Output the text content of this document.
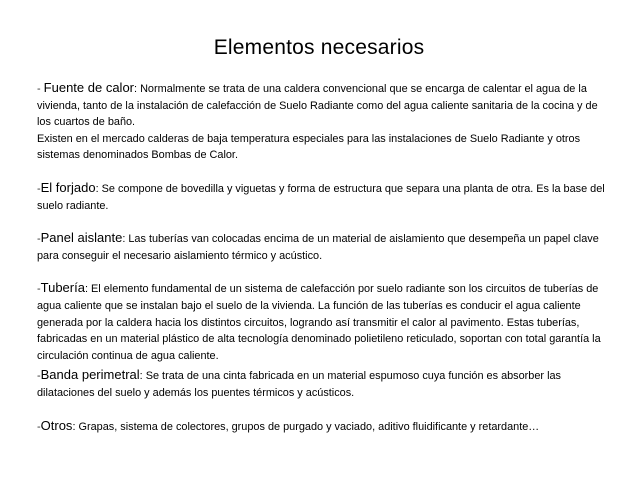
Elementos necesarios

- Fuente de calor: Normalmente se trata de una caldera convencional que se encarga de calentar el agua de la vivienda, tanto de la instalación de calefacción de Suelo Radiante como del agua caliente sanitaria de la cocina y de los cuartos de baño.

Existen en el mercado calderas de baja temperatura especiales para las instalaciones de Suelo Radiante y otros sistemas denominados Bombas de Calor.

-El forjado: Se compone de bovedilla y viguetas y forma de estructura que separa una planta de otra. Es la base del suelo radiante.

-Panel aislante: Las tuberías van colocadas encima de un material de aislamiento que desempeña un papel clave para conseguir el necesario aislamiento térmico y acústico.

-Tubería: El elemento fundamental de un sistema de calefacción por suelo radiante son los circuitos de tuberías de agua caliente que se instalan bajo el suelo de la vivienda. La función de las tuberías es conducir el agua caliente generada por la caldera hacia los distintos circuitos, logrando así transmitir el calor al pavimento. Estas tuberías, fabricadas en un material plástico de alta tecnología denominado polietileno reticulado, soportan con total garantía la circulación continua de agua caliente.

-Banda perimetral: Se trata de una cinta fabricada en un material espumoso cuya función es absorber las dilataciones del suelo y además los puentes térmicos y acústicos.

-Otros: Grapas, sistema de colectores, grupos de purgado y vaciado, aditivo fluidificante y retardante…
